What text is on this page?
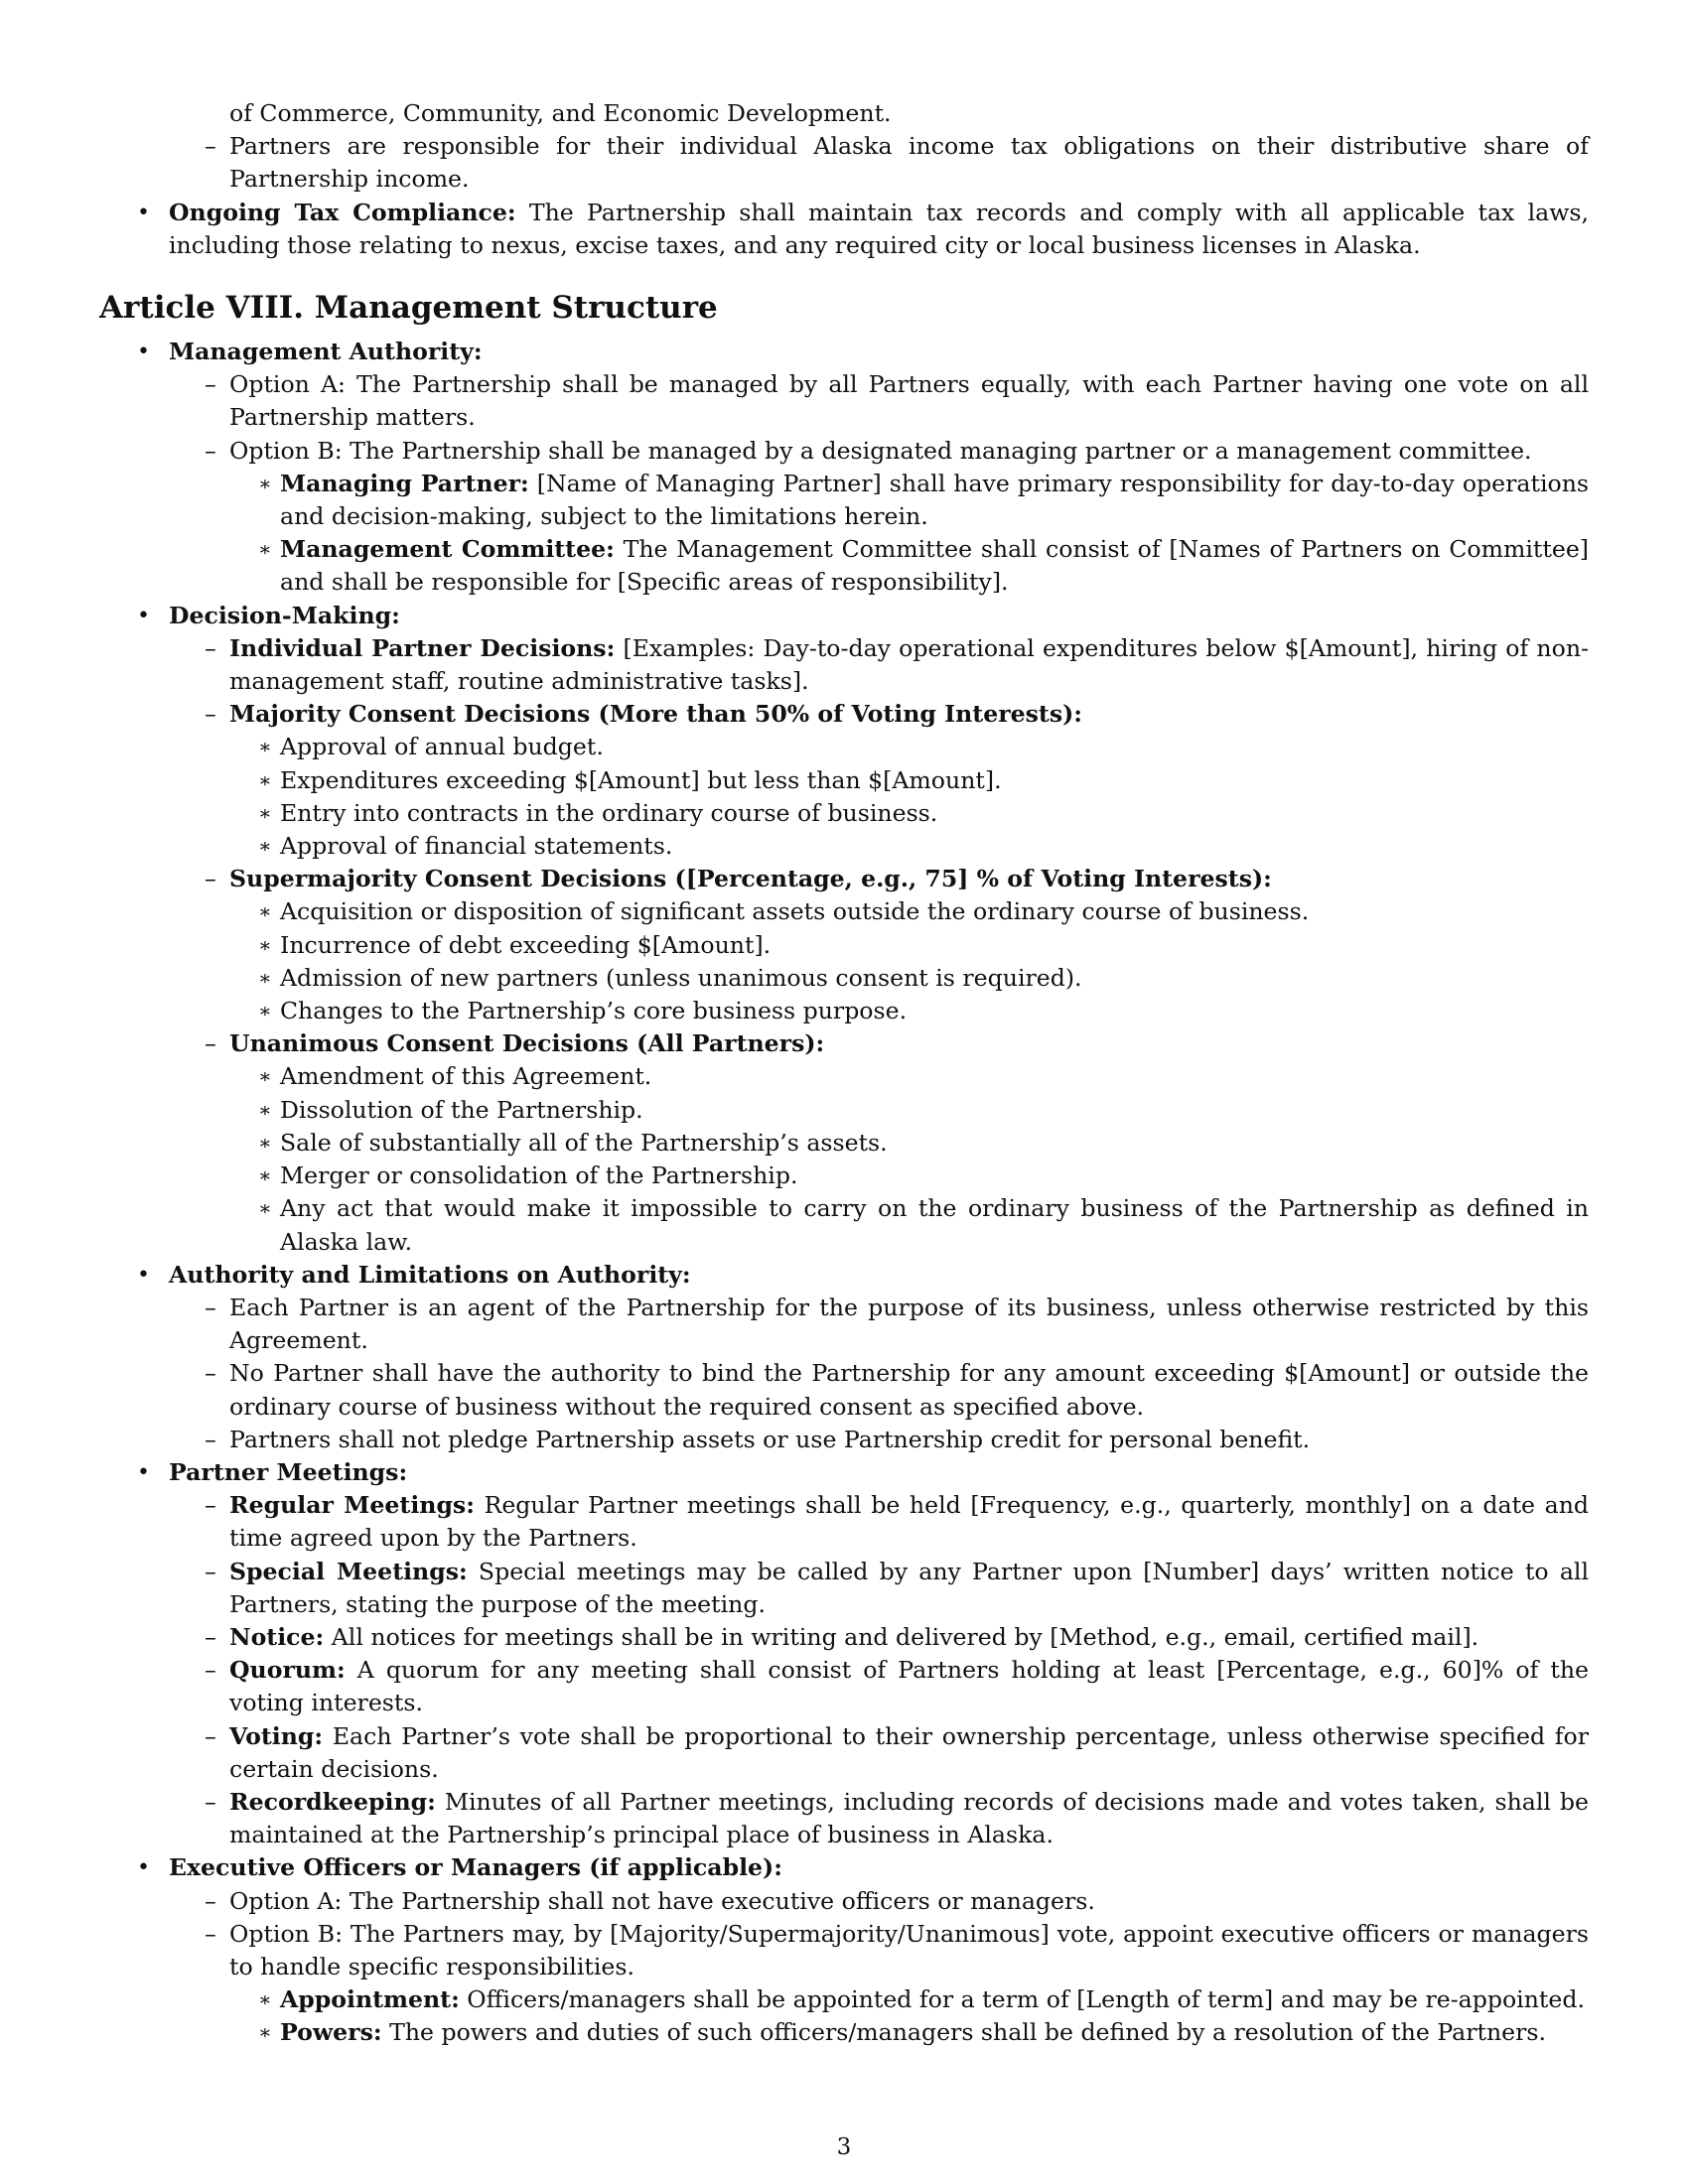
of Commerce, Community, and Economic Development.
– Partners are responsible for their individual Alaska income tax obligations on their distributive share of Partnership income.
• Ongoing Tax Compliance: The Partnership shall maintain tax records and comply with all applicable tax laws, including those relating to nexus, excise taxes, and any required city or local business licenses in Alaska.
Article VIII. Management Structure
• Management Authority:
– Option A: The Partnership shall be managed by all Partners equally, with each Partner having one vote on all Partnership matters.
– Option B: The Partnership shall be managed by a designated managing partner or a management committee.
∗ Managing Partner: [Name of Managing Partner] shall have primary responsibility for day-to-day operations and decision-making, subject to the limitations herein.
∗ Management Committee: The Management Committee shall consist of [Names of Partners on Committee] and shall be responsible for [Specific areas of responsibility].
• Decision-Making:
– Individual Partner Decisions: [Examples: Day-to-day operational expenditures below $[Amount], hiring of non-management staff, routine administrative tasks].
– Majority Consent Decisions (More than 50% of Voting Interests):
∗ Approval of annual budget.
∗ Expenditures exceeding $[Amount] but less than $[Amount].
∗ Entry into contracts in the ordinary course of business.
∗ Approval of financial statements.
– Supermajority Consent Decisions ([Percentage, e.g., 75] % of Voting Interests):
∗ Acquisition or disposition of significant assets outside the ordinary course of business.
∗ Incurrence of debt exceeding $[Amount].
∗ Admission of new partners (unless unanimous consent is required).
∗ Changes to the Partnership’s core business purpose.
– Unanimous Consent Decisions (All Partners):
∗ Amendment of this Agreement.
∗ Dissolution of the Partnership.
∗ Sale of substantially all of the Partnership’s assets.
∗ Merger or consolidation of the Partnership.
∗ Any act that would make it impossible to carry on the ordinary business of the Partnership as defined in Alaska law.
• Authority and Limitations on Authority:
– Each Partner is an agent of the Partnership for the purpose of its business, unless otherwise restricted by this Agreement.
– No Partner shall have the authority to bind the Partnership for any amount exceeding $[Amount] or outside the ordinary course of business without the required consent as specified above.
– Partners shall not pledge Partnership assets or use Partnership credit for personal benefit.
• Partner Meetings:
– Regular Meetings: Regular Partner meetings shall be held [Frequency, e.g., quarterly, monthly] on a date and time agreed upon by the Partners.
– Special Meetings: Special meetings may be called by any Partner upon [Number] days’ written notice to all Partners, stating the purpose of the meeting.
– Notice: All notices for meetings shall be in writing and delivered by [Method, e.g., email, certified mail].
– Quorum: A quorum for any meeting shall consist of Partners holding at least [Percentage, e.g., 60]% of the voting interests.
– Voting: Each Partner’s vote shall be proportional to their ownership percentage, unless otherwise specified for certain decisions.
– Recordkeeping: Minutes of all Partner meetings, including records of decisions made and votes taken, shall be maintained at the Partnership’s principal place of business in Alaska.
• Executive Officers or Managers (if applicable):
– Option A: The Partnership shall not have executive officers or managers.
– Option B: The Partners may, by [Majority/Supermajority/Unanimous] vote, appoint executive officers or managers to handle specific responsibilities.
∗ Appointment: Officers/managers shall be appointed for a term of [Length of term] and may be re-appointed.
∗ Powers: The powers and duties of such officers/managers shall be defined by a resolution of the Partners.
3
